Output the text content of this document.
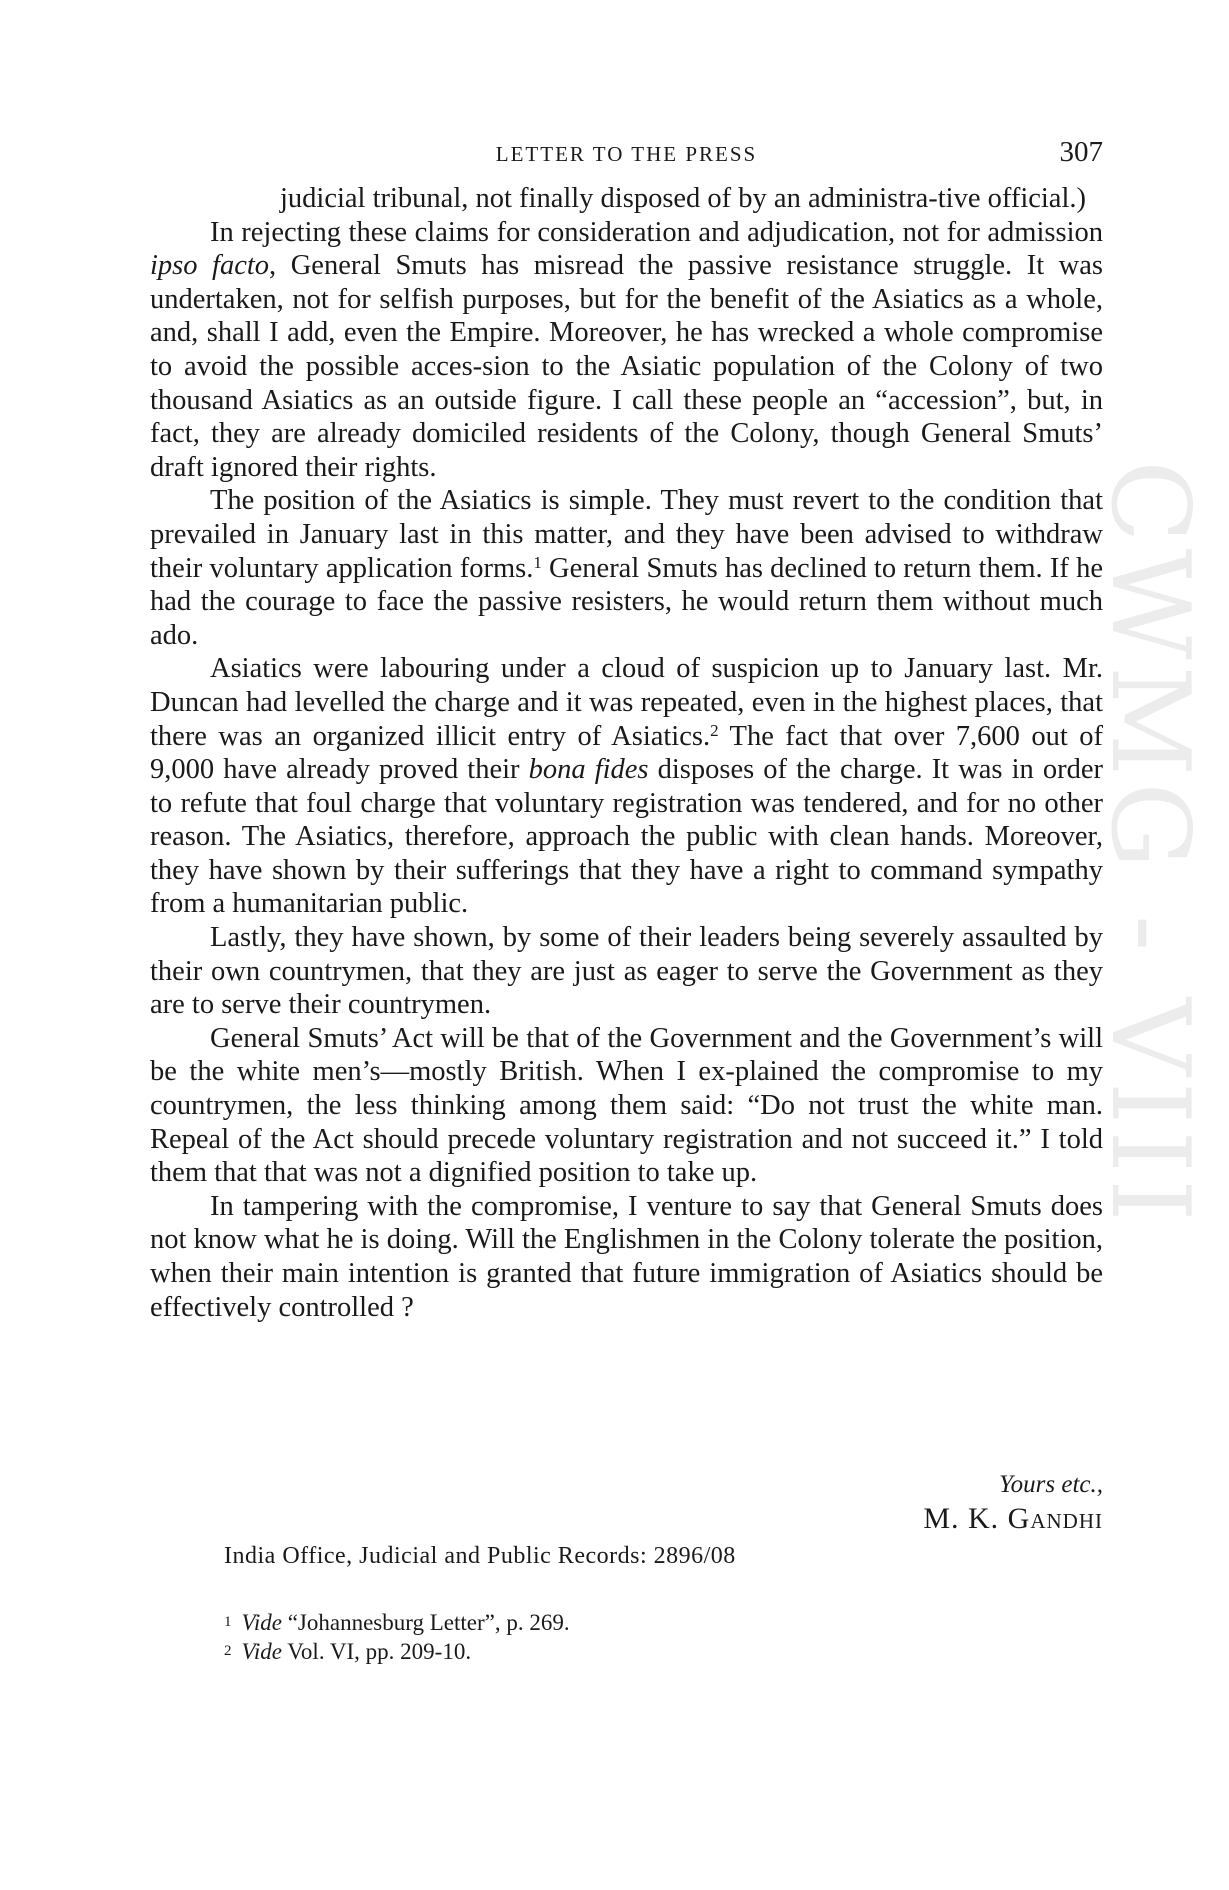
CWMG - VIII
LETTER TO THE PRESS	307

judicial tribunal, not finally disposed of by an administra-tive official.)

In rejecting these claims for consideration and adjudication, not for admission ipso facto, General Smuts has misread the passive resistance struggle. It was undertaken, not for selfish purposes, but for the benefit of the Asiatics as a whole, and, shall I add, even the Empire. Moreover, he has wrecked a whole compromise to avoid the possible acces-sion to the Asiatic population of the Colony of two thousand Asiatics as an outside figure. I call these people an “accession”, but, in fact, they are already domiciled residents of the Colony, though General Smuts’ draft ignored their rights.

The position of the Asiatics is simple. They must revert to the condition that prevailed in January last in this matter, and they have been advised to withdraw their voluntary application forms.$^1$ General Smuts has declined to return them. If he had the courage to face the passive resisters, he would return them without much ado.

Asiatics were labouring under a cloud of suspicion up to January last. Mr. Duncan had levelled the charge and it was repeated, even in the highest places, that there was an organized illicit entry of Asiatics.$^2$ The fact that over 7,600 out of 9,000 have already proved their bona fides disposes of the charge. It was in order to refute that foul charge that voluntary registration was tendered, and for no other reason. The Asiatics, therefore, approach the public with clean hands. Moreover, they have shown by their sufferings that they have a right to command sympathy from a humanitarian public.

Lastly, they have shown, by some of their leaders being severely assaulted by their own countrymen, that they are just as eager to serve the Government as they are to serve their countrymen.

General Smuts’ Act will be that of the Government and the Government’s will be the white men’s—mostly British. When I ex-plained the compromise to my countrymen, the less thinking among them said: “Do not trust the white man. Repeal of the Act should precede voluntary registration and not succeed it.” I told them that that was not a dignified position to take up.

In tampering with the compromise, I venture to say that General Smuts does not know what he is doing. Will the Englishmen in the Colony tolerate the position, when their main intention is granted that future immigration of Asiatics should be effectively controlled ?

Yours etc.,
M. K. GANDHI
India Office, Judicial and Public Records: 2896/08
$^1$ Vide “Johannesburg Letter”, p. 269.
$^2$ Vide Vol. VI, pp. 209-10.
